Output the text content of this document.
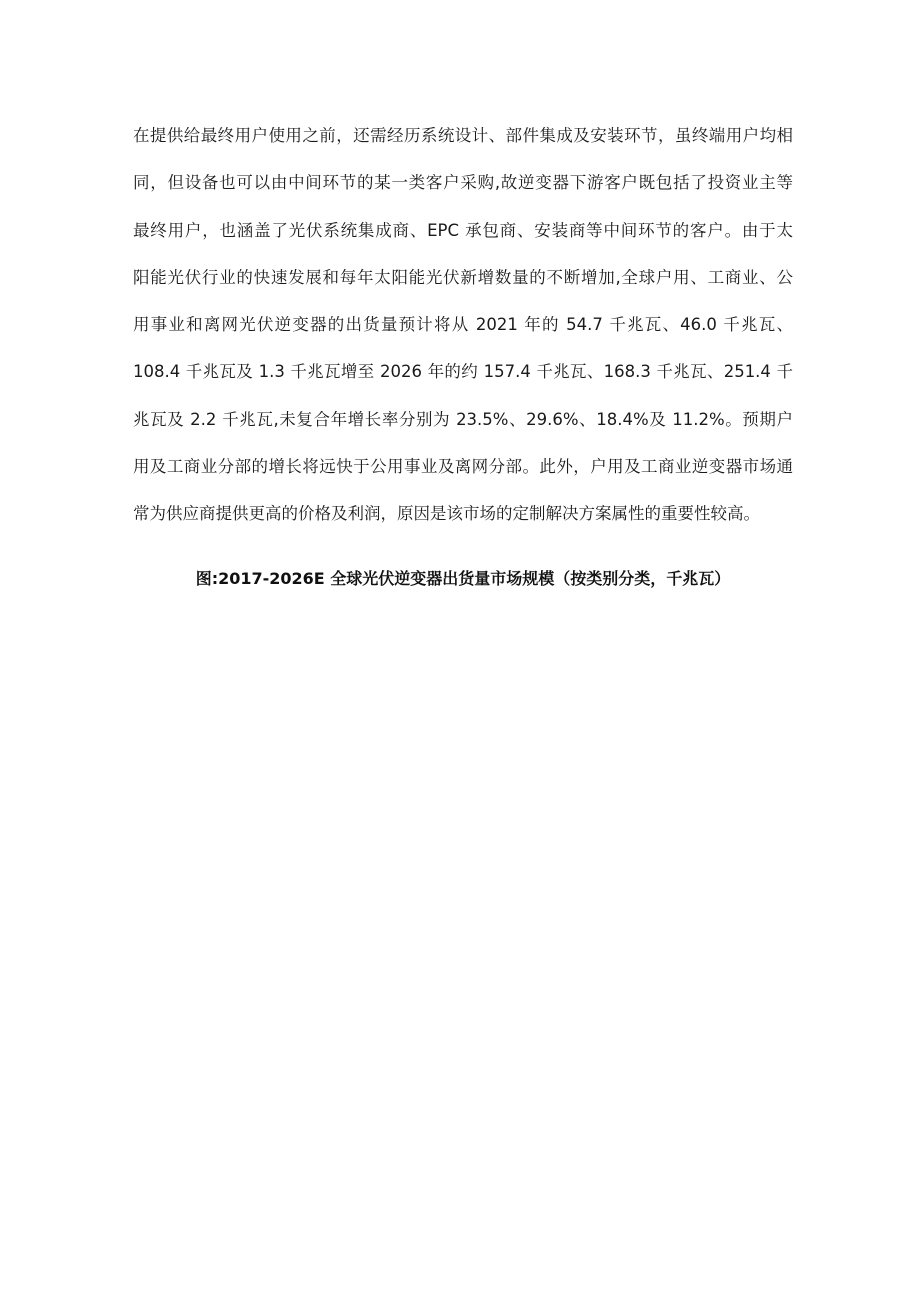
在提供给最终用户使用之前，还需经历系统设计、部件集成及安装环节，虽终端用户均相
同，但设备也可以由中间环节的某一类客户采购,故逆变器下游客户既包括了投资业主等
最终用户，也涵盖了光伏系统集成商、EPC 承包商、安装商等中间环节的客户。由于太
阳能光伏行业的快速发展和每年太阳能光伏新增数量的不断增加,全球户用、工商业、公
用事业和离网光伏逆变器的出货量预计将从 2021 年的 54.7 千兆瓦、46.0 千兆瓦、
108.4 千兆瓦及 1.3 千兆瓦增至 2026 年的约 157.4 千兆瓦、168.3 千兆瓦、251.4 千
兆瓦及 2.2 千兆瓦,未复合年增长率分别为 23.5%、29.6%、18.4%及 11.2%。预期户
用及工商业分部的增长将远快于公用事业及离网分部。此外，户用及工商业逆变器市场通
常为供应商提供更高的价格及利润，原因是该市场的定制解决方案属性的重要性较高。
图:2017-2026E 全球光伏逆变器出货量市场规模（按类别分类，千兆瓦）
